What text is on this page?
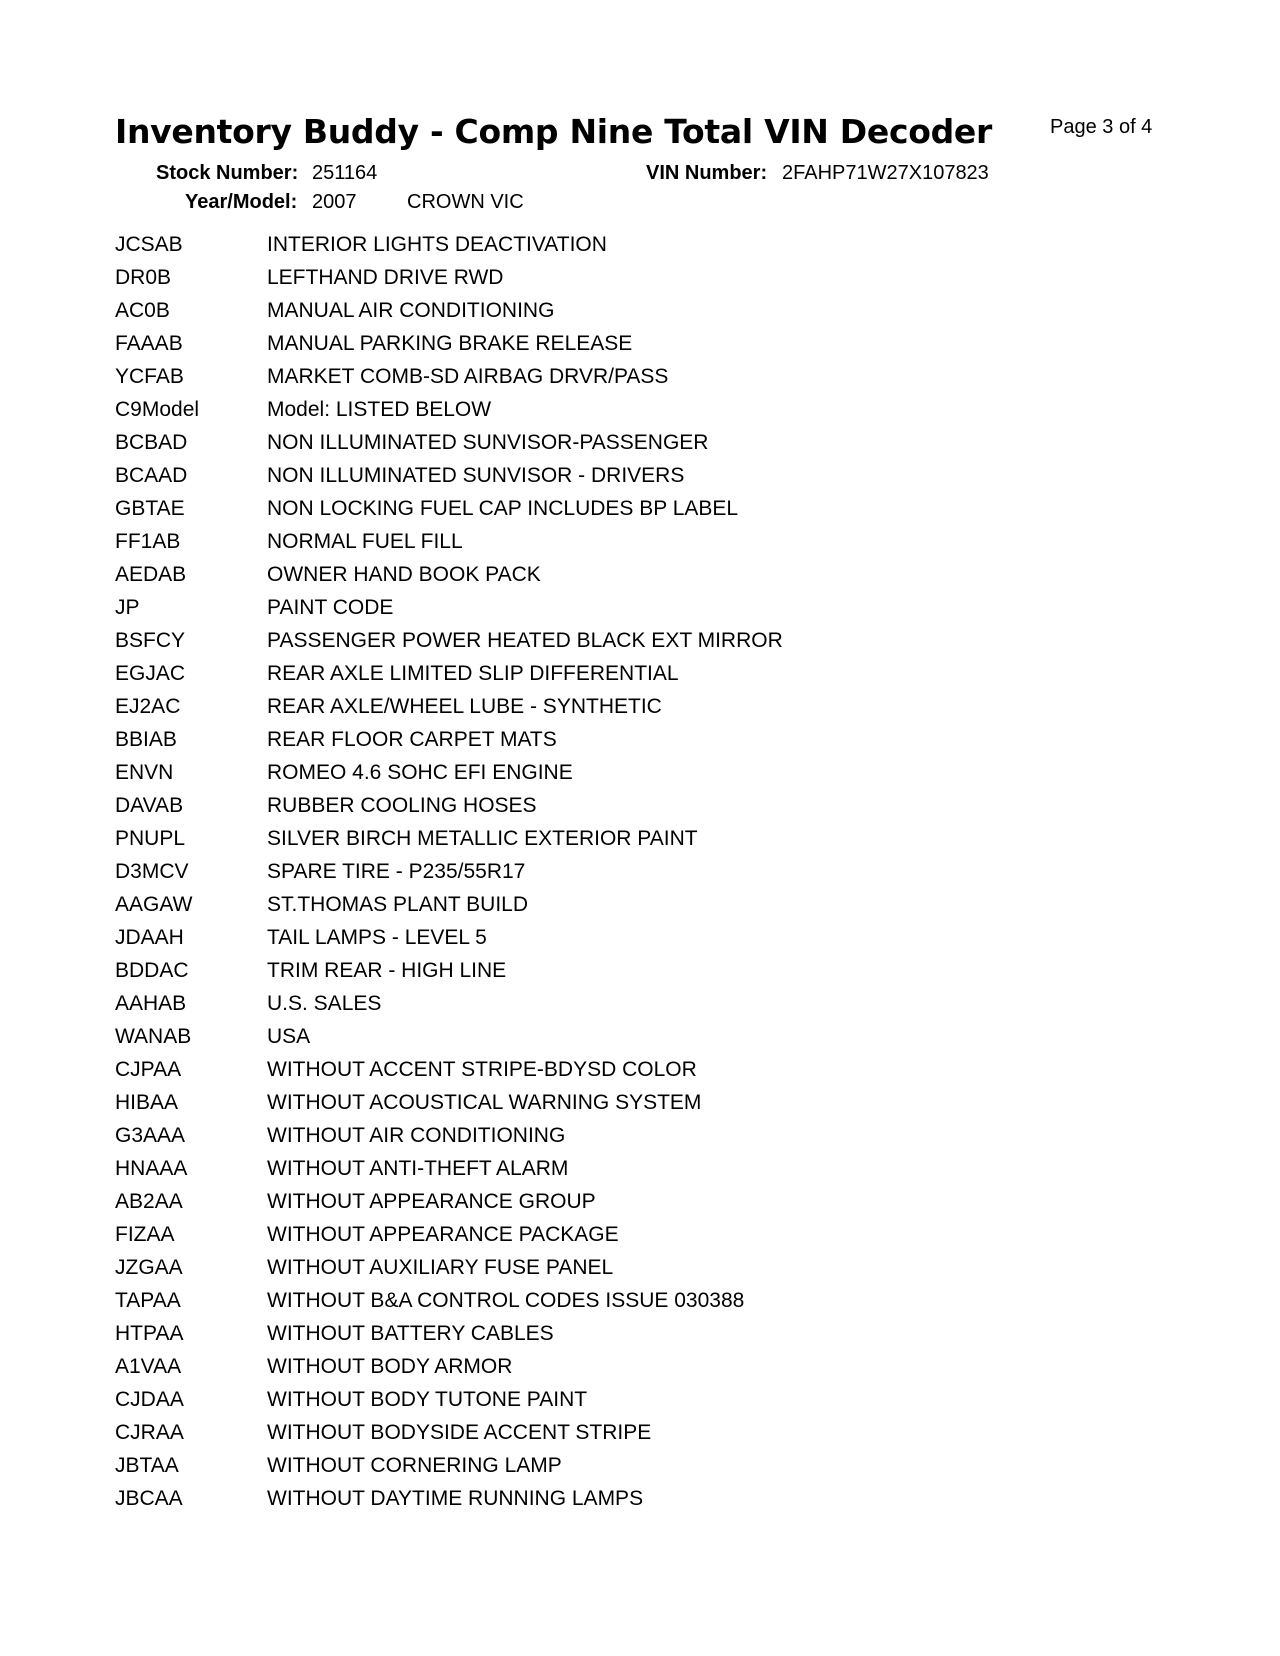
Inventory Buddy - Comp Nine Total VIN Decoder	Page 3 of 4
Stock Number: 251164	VIN Number: 2FAHP71W27X107823
Year/Model: 2007	CROWN VIC
JCSAB	INTERIOR LIGHTS DEACTIVATION
DR0B	LEFTHAND DRIVE RWD
AC0B	MANUAL AIR CONDITIONING
FAAAB	MANUAL PARKING BRAKE RELEASE
YCFAB	MARKET COMB-SD AIRBAG DRVR/PASS
C9Model	Model: LISTED BELOW
BCBAD	NON ILLUMINATED SUNVISOR-PASSENGER
BCAAD	NON ILLUMINATED SUNVISOR - DRIVERS
GBTAE	NON LOCKING FUEL CAP INCLUDES BP LABEL
FF1AB	NORMAL FUEL FILL
AEDAB	OWNER HAND BOOK PACK
JP	PAINT CODE
BSFCY	PASSENGER POWER HEATED BLACK EXT MIRROR
EGJAC	REAR AXLE LIMITED SLIP DIFFERENTIAL
EJ2AC	REAR AXLE/WHEEL LUBE - SYNTHETIC
BBIAB	REAR FLOOR CARPET MATS
ENVN	ROMEO 4.6 SOHC EFI ENGINE
DAVAB	RUBBER COOLING HOSES
PNUPL	SILVER BIRCH METALLIC EXTERIOR PAINT
D3MCV	SPARE TIRE - P235/55R17
AAGAW	ST.THOMAS PLANT BUILD
JDAAH	TAIL LAMPS - LEVEL 5
BDDAC	TRIM REAR - HIGH LINE
AAHAB	U.S. SALES
WANAB	USA
CJPAA	WITHOUT ACCENT STRIPE-BDYSD COLOR
HIBAA	WITHOUT ACOUSTICAL WARNING SYSTEM
G3AAA	WITHOUT AIR CONDITIONING
HNAAA	WITHOUT ANTI-THEFT ALARM
AB2AA	WITHOUT APPEARANCE GROUP
FIZAA	WITHOUT APPEARANCE PACKAGE
JZGAA	WITHOUT AUXILIARY FUSE PANEL
TAPAA	WITHOUT B&A CONTROL CODES ISSUE 030388
HTPAA	WITHOUT BATTERY CABLES
A1VAA	WITHOUT BODY ARMOR
CJDAA	WITHOUT BODY TUTONE PAINT
CJRAA	WITHOUT BODYSIDE ACCENT STRIPE
JBTAA	WITHOUT CORNERING LAMP
JBCAA	WITHOUT DAYTIME RUNNING LAMPS
